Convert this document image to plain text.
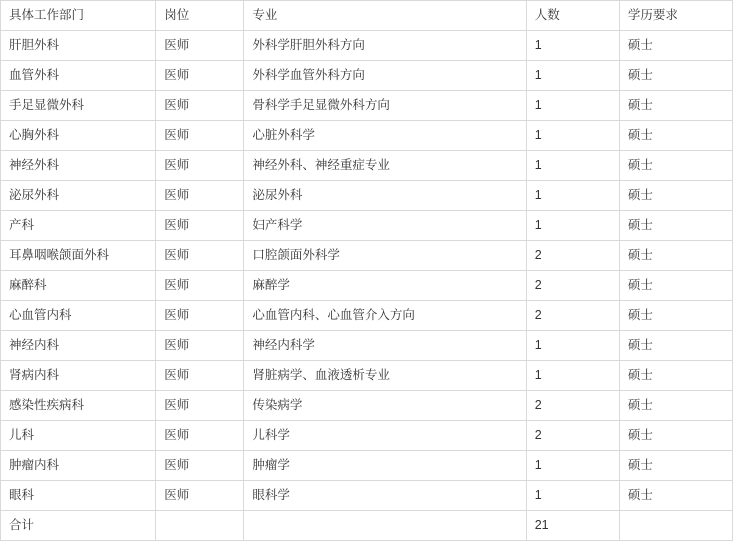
具体工作部门	岗位	专业	人数	学历要求
肝胆外科	医师	外科学肝胆外科方向	1	硕士
血管外科	医师	外科学血管外科方向	1	硕士
手足显微外科	医师	骨科学手足显微外科方向	1	硕士
心胸外科	医师	心脏外科学	1	硕士
神经外科	医师	神经外科、神经重症专业	1	硕士
泌尿外科	医师	泌尿外科	1	硕士
产科	医师	妇产科学	1	硕士
耳鼻咽喉颌面外科	医师	口腔颌面外科学	2	硕士
麻醉科	医师	麻醉学	2	硕士
心血管内科	医师	心血管内科、心血管介入方向	2	硕士
神经内科	医师	神经内科学	1	硕士
肾病内科	医师	肾脏病学、血液透析专业	1	硕士
感染性疾病科	医师	传染病学	2	硕士
儿科	医师	儿科学	2	硕士
肿瘤内科	医师	肿瘤学	1	硕士
眼科	医师	眼科学	1	硕士
合计			21	
